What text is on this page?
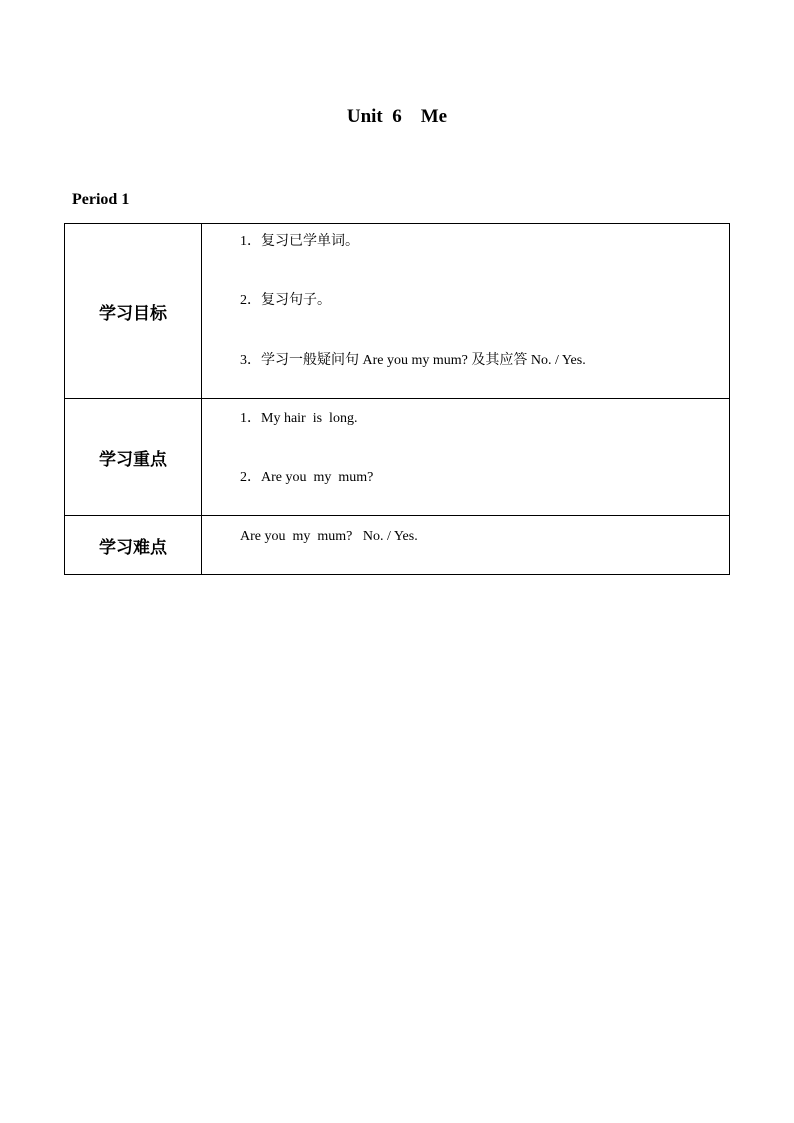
Unit  6    Me

Period 1

学习目标	1．复习已学单词。
2．复习句子。
3．学习一般疑问句 Are you my mum? 及其应答 No. / Yes.

学习重点	1．My hair  is  long.
2．Are you  my  mum?

学习难点	Are you  my  mum?   No. / Yes.
